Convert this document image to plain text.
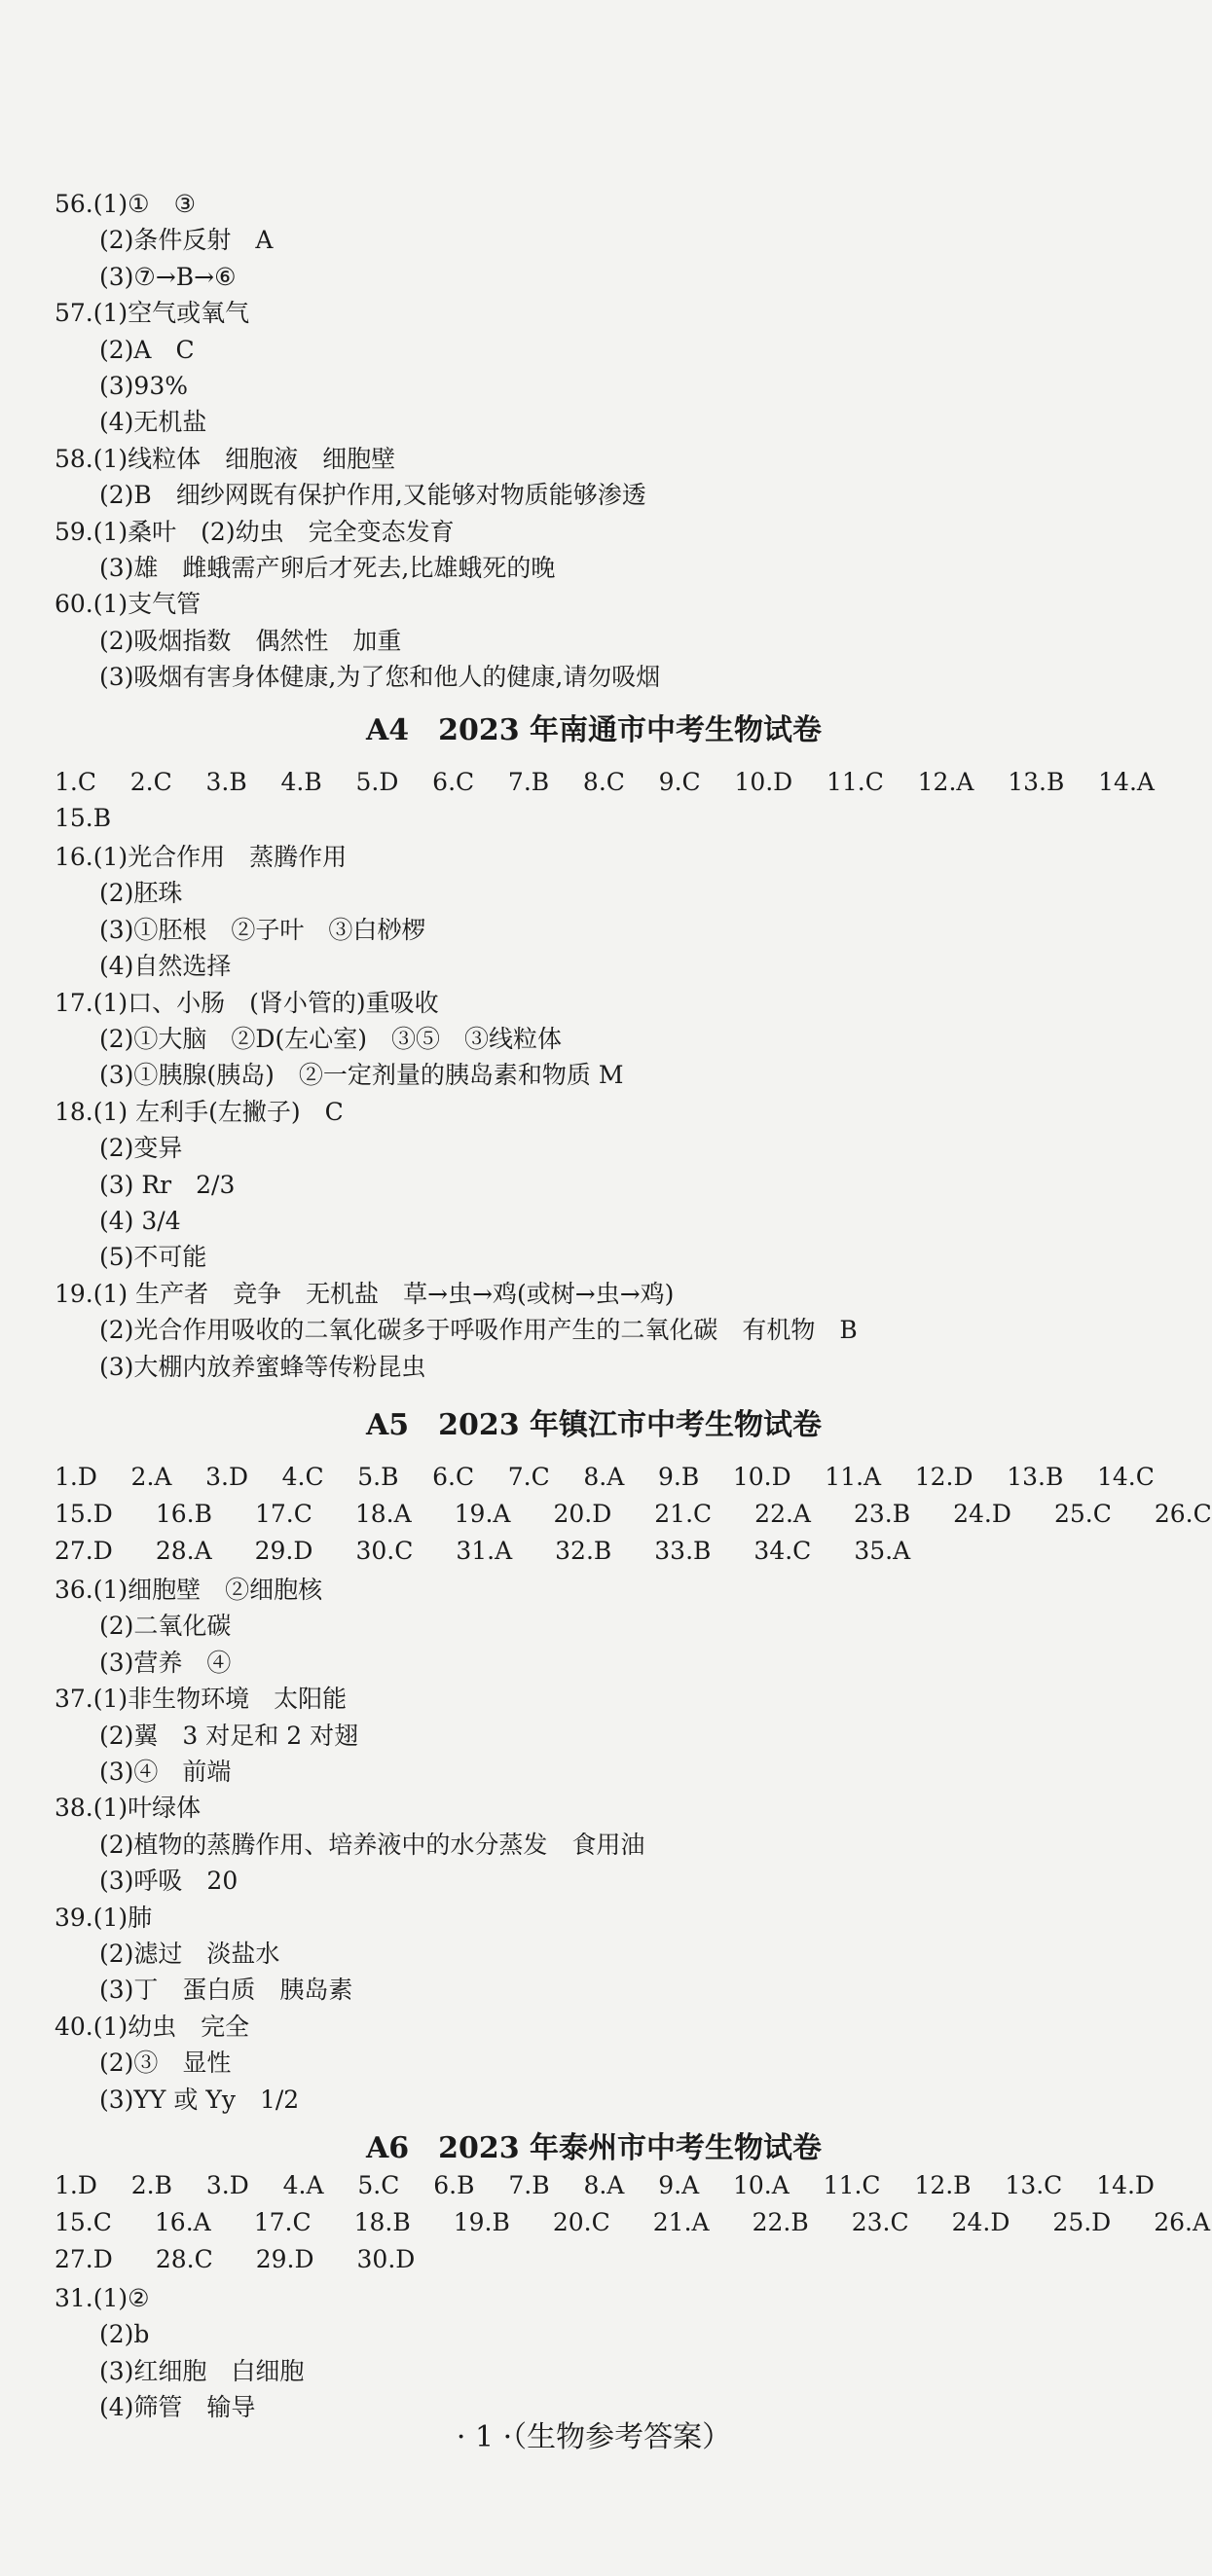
56.(1)①　③
(2)条件反射　A
(3)⑦→B→⑥
57.(1)空气或氧气
(2)A　C
(3)93%
(4)无机盐
58.(1)线粒体　细胞液　细胞壁
(2)B　细纱网既有保护作用,又能够对物质能够渗透
59.(1)桑叶　(2)幼虫　完全变态发育
(3)雄　雌蛾需产卵后才死去,比雄蛾死的晚
60.(1)支气管
(2)吸烟指数　偶然性　加重
(3)吸烟有害身体健康,为了您和他人的健康,请勿吸烟
A4　2023 年南通市中考生物试卷
1.C 2.C 3.B 4.B 5.D 6.C 7.B 8.C 9.C 10.D 11.C 12.A 13.B 14.A
15.B
16.(1)光合作用　蒸腾作用
(2)胚珠
(3)①胚根　②子叶　③白桫椤
(4)自然选择
17.(1)口、小肠　(肾小管的)重吸收
(2)①大脑　②D(左心室)　③⑤　③线粒体
(3)①胰腺(胰岛)　②一定剂量的胰岛素和物质 M
18.(1) 左利手(左撇子)　C
(2)变异
(3) Rr　2/3
(4) 3/4
(5)不可能
19.(1) 生产者　竞争　无机盐　草→虫→鸡(或树→虫→鸡)
(2)光合作用吸收的二氧化碳多于呼吸作用产生的二氧化碳　有机物　B
(3)大棚内放养蜜蜂等传粉昆虫
A5　2023 年镇江市中考生物试卷
1.D 2.A 3.D 4.C 5.B 6.C 7.C 8.A 9.B 10.D 11.A 12.D 13.B 14.C
15.D 16.B 17.C 18.A 19.A 20.D 21.C 22.A 23.B 24.D 25.C 26.C
27.D 28.A 29.D 30.C 31.A 32.B 33.B 34.C 35.A
36.(1)细胞壁　②细胞核
(2)二氧化碳
(3)营养　④
37.(1)非生物环境　太阳能
(2)翼　3 对足和 2 对翅
(3)④　前端
38.(1)叶绿体
(2)植物的蒸腾作用、培养液中的水分蒸发　食用油
(3)呼吸　20
39.(1)肺
(2)滤过　淡盐水
(3)丁　蛋白质　胰岛素
40.(1)幼虫　完全
(2)③　显性
(3)YY 或 Yy　1/2
A6　2023 年泰州市中考生物试卷
1.D 2.B 3.D 4.A 5.C 6.B 7.B 8.A 9.A 10.A 11.C 12.B 13.C 14.D
15.C 16.A 17.C 18.B 19.B 20.C 21.A 22.B 23.C 24.D 25.D 26.A
27.D 28.C 29.D 30.D
31.(1)②
(2)b
(3)红细胞　白细胞
(4)筛管　输导
· 1 ·（生物参考答案）
